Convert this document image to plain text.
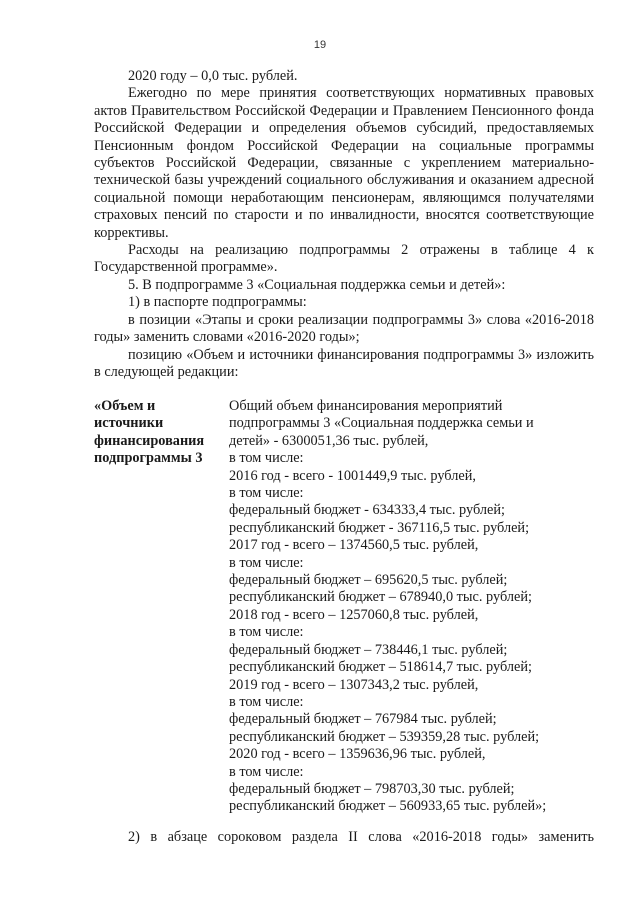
19

2020 году – 0,0 тыс. рублей.

Ежегодно по мере принятия соответствующих нормативных правовых актов Правительством Российской Федерации и Правлением Пенсионного фонда Российской Федерации и определения объемов субсидий, предоставляемых Пенсионным фондом Российской Федерации на социальные программы субъектов Российской Федерации, связанные с укреплением материально-технической базы учреждений социального обслуживания и оказанием адресной социальной помощи неработающим пенсионерам, являющимся получателями страховых пенсий по старости и по инвалидности, вносятся соответствующие коррективы.

Расходы на реализацию подпрограммы 2 отражены в таблице 4 к Государственной программе».

5. В подпрограмме 3 «Социальная поддержка семьи и детей»:

1) в паспорте подпрограммы:

в позиции «Этапы и сроки реализации подпрограммы 3» слова «2016-2018 годы» заменить словами «2016-2020 годы»;

позицию «Объем и источники финансирования подпрограммы 3» изложить в следующей редакции:

«Объем и
источники
финансирования
подпрограммы 3
Общий объем финансирования мероприятий
подпрограммы 3 «Социальная поддержка семьи и
детей» - 6300051,36 тыс. рублей,
в том числе:
2016 год - всего - 1001449,9 тыс. рублей,
в том числе:
федеральный бюджет - 634333,4 тыс. рублей;
республиканский бюджет - 367116,5 тыс. рублей;
2017 год - всего – 1374560,5 тыс. рублей,
в том числе:
федеральный бюджет – 695620,5 тыс. рублей;
республиканский бюджет – 678940,0 тыс. рублей;
2018 год - всего – 1257060,8 тыс. рублей,
в том числе:
федеральный бюджет – 738446,1 тыс. рублей;
республиканский бюджет – 518614,7 тыс. рублей;
2019 год - всего – 1307343,2 тыс. рублей,
в том числе:
федеральный бюджет – 767984 тыс. рублей;
республиканский бюджет – 539359,28 тыс. рублей;
2020 год - всего – 1359636,96 тыс. рублей,
в том числе:
федеральный бюджет – 798703,30 тыс. рублей;
республиканский бюджет – 560933,65 тыс. рублей»;

2) в абзаце сороковом раздела II слова «2016-2018 годы» заменить
